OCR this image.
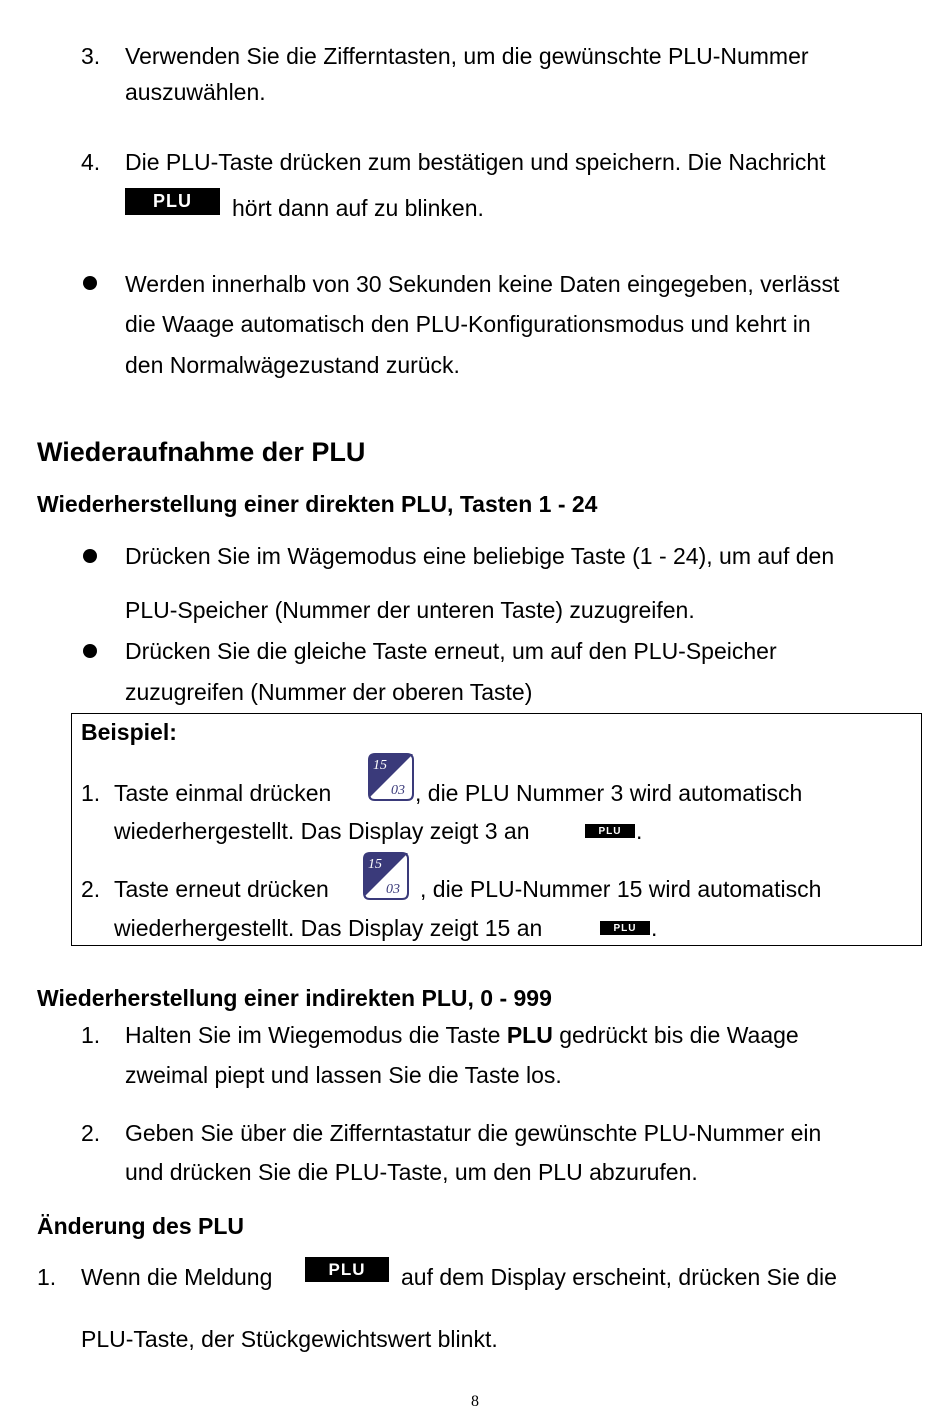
3. Verwenden Sie die Zifferntasten, um die gewünschte PLU-Nummer
auszuwählen.
4. Die PLU-Taste drücken zum bestätigen und speichern. Die Nachricht
PLU hört dann auf zu blinken.
Werden innerhalb von 30 Sekunden keine Daten eingegeben, verlässt
die Waage automatisch den PLU-Konfigurationsmodus und kehrt in
den Normalwägezustand zurück.
Wiederaufnahme der PLU
Wiederherstellung einer direkten PLU, Tasten 1 - 24
Drücken Sie im Wägemodus eine beliebige Taste (1 - 24), um auf den
PLU-Speicher (Nummer der unteren Taste) zuzugreifen.
Drücken Sie die gleiche Taste erneut, um auf den PLU-Speicher
zuzugreifen (Nummer der oberen Taste)
Beispiel:
1. Taste einmal drücken
15
03 , die PLU Nummer 3 wird automatisch
wiederhergestellt. Das Display zeigt 3 an	PLU .
2. Taste erneut drücken
15
03 , die PLU-Nummer 15 wird automatisch
wiederhergestellt. Das Display zeigt 15 an	PLU .
Wiederherstellung einer indirekten PLU, 0 - 999
1. Halten Sie im Wiegemodus die Taste PLU gedrückt bis die Waage
zweimal piept und lassen Sie die Taste los.
2. Geben Sie über die Zifferntastatur die gewünschte PLU-Nummer ein
und drücken Sie die PLU-Taste, um den PLU abzurufen.
Änderung des PLU
1. Wenn die Meldung	PLU auf dem Display erscheint, drücken Sie die
PLU-Taste, der Stückgewichtswert blinkt.
8
